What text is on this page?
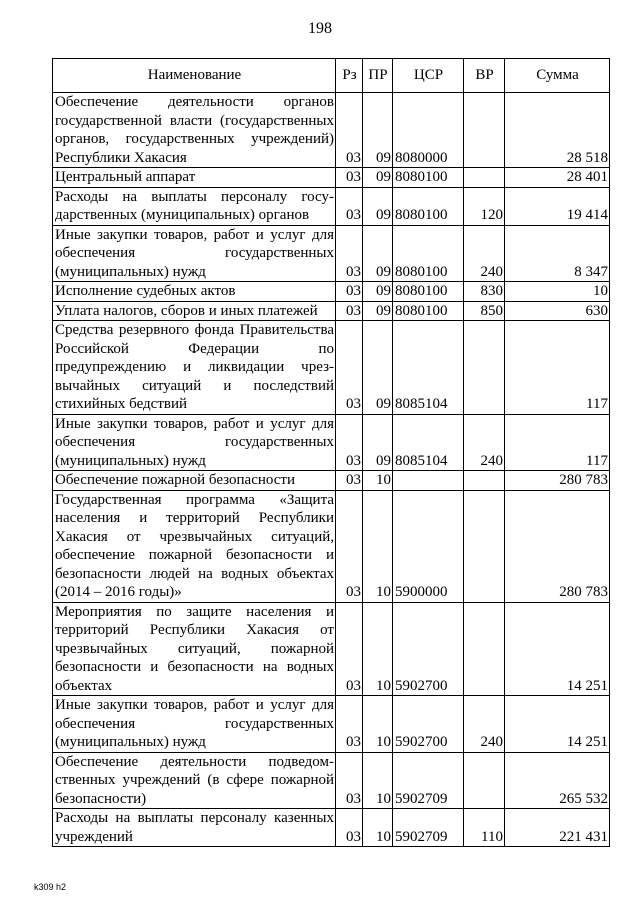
198
Наименование	Рз	ПР	ЦСР	ВР	Сумма
Обеспечение деятельности органов государственной власти (государственных органов, государственных учреждений) Республики Хакасия	03	09	8080000		28 518
Центральный аппарат	03	09	8080100		28 401
Расходы на выплаты персоналу государственных (муниципальных) органов	03	09	8080100	120	19 414
Иные закупки товаров, работ и услуг для обеспечения государственных (муниципальных) нужд	03	09	8080100	240	8 347
Исполнение судебных актов	03	09	8080100	830	10
Уплата налогов, сборов и иных платежей	03	09	8080100	850	630
Средства резервного фонда Правительства Российской Федерации по предупреждению и ликвидации чрезвычайных ситуаций и последствий стихийных бедствий	03	09	8085104		117
Иные закупки товаров, работ и услуг для обеспечения государственных (муниципальных) нужд	03	09	8085104	240	117
Обеспечение пожарной безопасности	03	10			280 783
Государственная программа «Защита населения и территорий Республики Хакасия от чрезвычайных ситуаций, обеспечение пожарной безопасности и безопасности людей на водных объектах (2014 – 2016 годы)»	03	10	5900000		280 783
Мероприятия по защите населения и территорий Республики Хакасия от чрезвычайных ситуаций, пожарной безопасности и безопасности на водных объектах	03	10	5902700		14 251
Иные закупки товаров, работ и услуг для обеспечения государственных (муниципальных) нужд	03	10	5902700	240	14 251
Обеспечение деятельности подведомственных учреждений (в сфере пожарной безопасности)	03	10	5902709		265 532
Расходы на выплаты персоналу казенных учреждений	03	10	5902709	110	221 431
k309 h2
